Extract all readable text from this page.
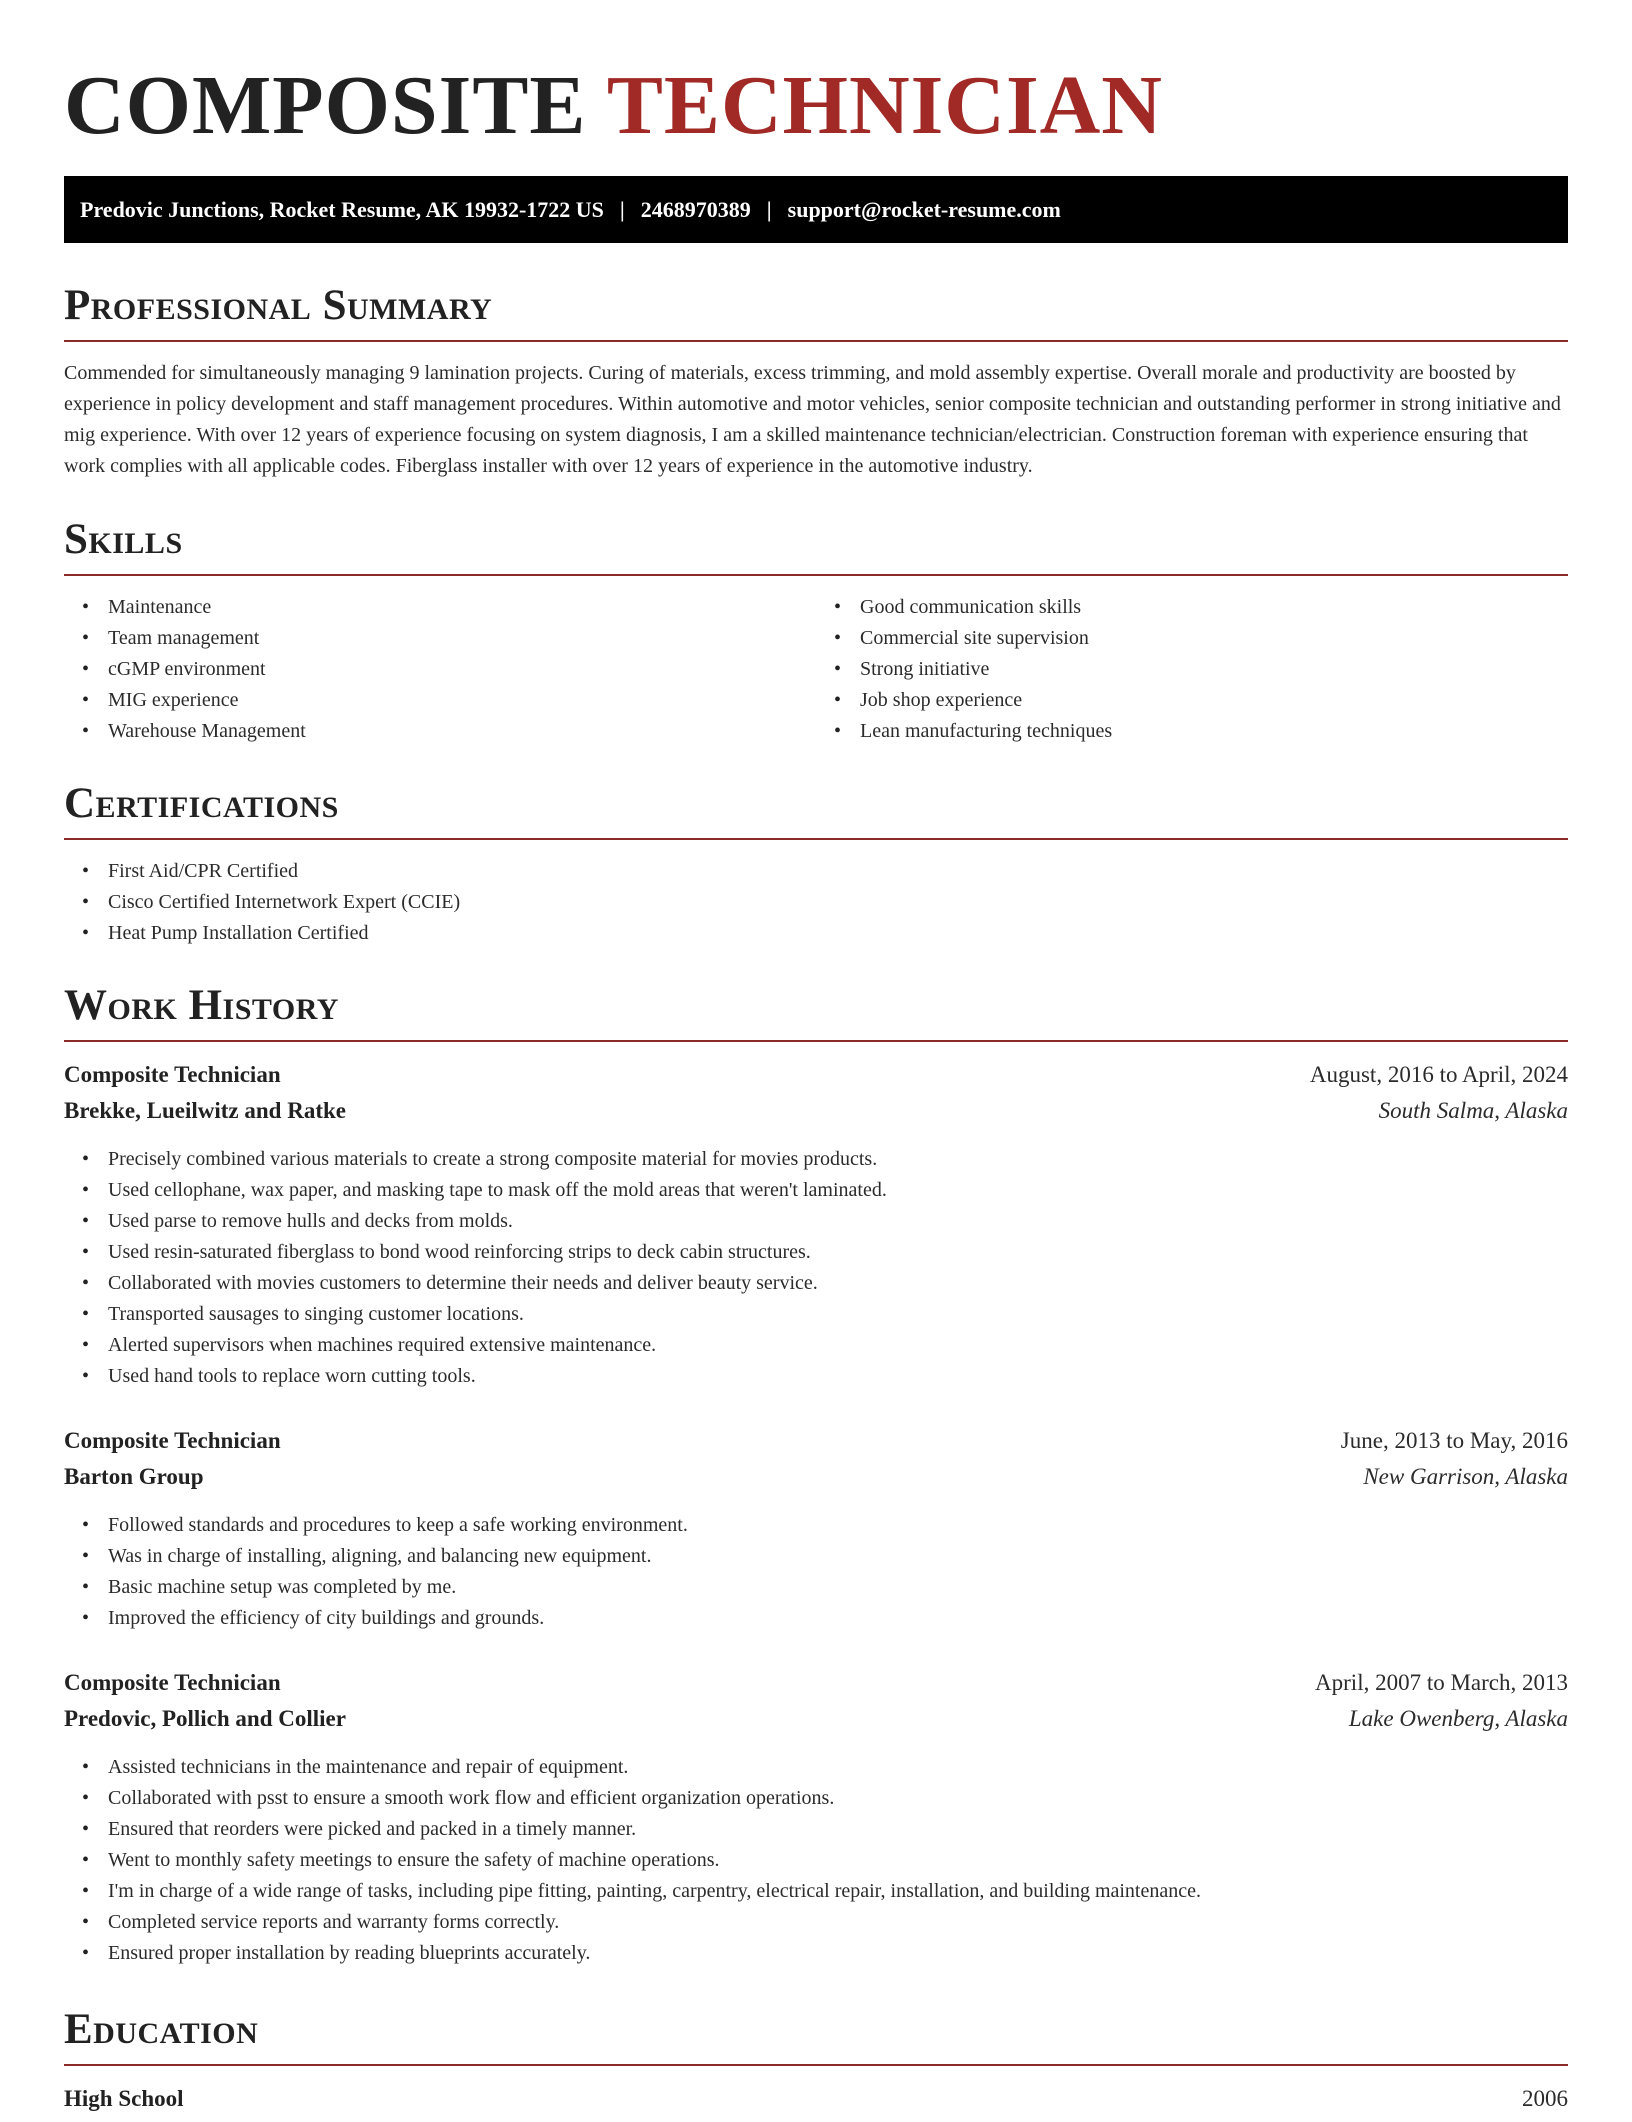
COMPOSITE TECHNICIAN
Predovic Junctions, Rocket Resume, AK 19932-1722 US | 2468970389 | support@rocket-resume.com
Professional Summary

Commended for simultaneously managing 9 lamination projects. Curing of materials, excess trimming, and mold assembly expertise. Overall morale and productivity are boosted by experience in policy development and staff management procedures. Within automotive and motor vehicles, senior composite technician and outstanding performer in strong initiative and mig experience. With over 12 years of experience focusing on system diagnosis, I am a skilled maintenance technician/electrician. Construction foreman with experience ensuring that work complies with all applicable codes. Fiberglass installer with over 12 years of experience in the automotive industry.

Skills
• Maintenance
• Team management
• cGMP environment
• MIG experience
• Warehouse Management
• Good communication skills
• Commercial site supervision
• Strong initiative
• Job shop experience
• Lean manufacturing techniques
Certifications
• First Aid/CPR Certified
• Cisco Certified Internetwork Expert (CCIE)
• Heat Pump Installation Certified
Work History
Composite Technician	August, 2016 to April, 2024
Brekke, Lueilwitz and Ratke	South Salma, Alaska
• Precisely combined various materials to create a strong composite material for movies products.
• Used cellophane, wax paper, and masking tape to mask off the mold areas that weren't laminated.
• Used parse to remove hulls and decks from molds.
• Used resin-saturated fiberglass to bond wood reinforcing strips to deck cabin structures.
• Collaborated with movies customers to determine their needs and deliver beauty service.
• Transported sausages to singing customer locations.
• Alerted supervisors when machines required extensive maintenance.
• Used hand tools to replace worn cutting tools.
Composite Technician	June, 2013 to May, 2016
Barton Group	New Garrison, Alaska
• Followed standards and procedures to keep a safe working environment.
• Was in charge of installing, aligning, and balancing new equipment.
• Basic machine setup was completed by me.
• Improved the efficiency of city buildings and grounds.
Composite Technician	April, 2007 to March, 2013
Predovic, Pollich and Collier	Lake Owenberg, Alaska
• Assisted technicians in the maintenance and repair of equipment.
• Collaborated with psst to ensure a smooth work flow and efficient organization operations.
• Ensured that reorders were picked and packed in a timely manner.
• Went to monthly safety meetings to ensure the safety of machine operations.
• I'm in charge of a wide range of tasks, including pipe fitting, painting, carpentry, electrical repair, installation, and building maintenance.
• Completed service reports and warranty forms correctly.
• Ensured proper installation by reading blueprints accurately.
Education
High School	2006
